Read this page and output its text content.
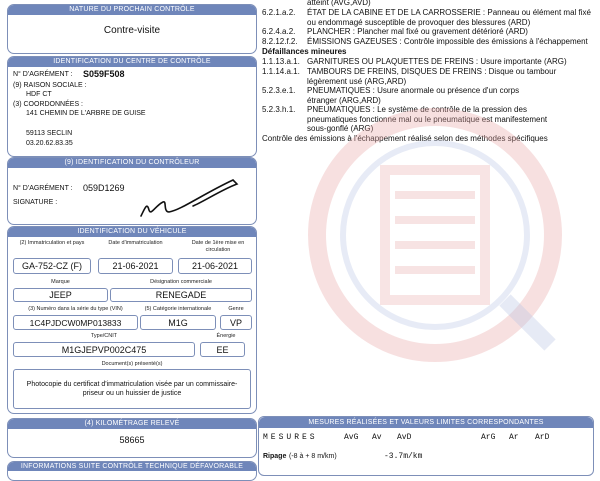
atteint (AVG,AVD)
6.2.1.a.2.	ÉTAT DE LA CABINE ET DE LA CARROSSERIE : Panneau ou élément mal fixé ou endommagé susceptible de provoquer des blessures (ARD)
6.2.4.a.2.	PLANCHER : Plancher mal fixé ou gravement détérioré (ARD)
8.2.12.f.2.	ÉMISSIONS GAZEUSES : Contrôle impossible des émissions à l'échappement
Défaillances mineures
1.1.13.a.1. GARNITURES OU PLAQUETTES DE FREINS : Usure importante (ARG)
1.1.14.a.1. TAMBOURS DE FREINS, DISQUES DE FREINS : Disque ou tambour légèrement usé (ARG,ARD)
5.2.3.e.1.	PNEUMATIQUES : Usure anormale ou présence d'un corps étranger (ARG,ARD)
5.2.3.h.1.	PNEUMATIQUES : Le système de contrôle de la pression des pneumatiques fonctionne mal ou le pneumatique est manifestement sous-gonflé (ARG)
Contrôle des émissions à l'échappement réalisé selon des méthodes spécifiques
NATURE DU PROCHAIN CONTRÔLE
Contre-visite
IDENTIFICATION DU CENTRE DE CONTRÔLE
N° D'AGRÉMENT : S059F508
(9) RAISON SOCIALE :
HDF CT
(3) COORDONNÉES :
141 CHEMIN DE L'ARBRE DE GUISE
59113 SECLIN
03.20.62.83.35
(9) IDENTIFICATION DU CONTRÔLEUR
N° D'AGRÉMENT : 059D1269
SIGNATURE :
IDENTIFICATION DU VÉHICULE
(2) Immatriculation et pays	Date d'immatriculation	Date de 1ère mise en circulation
GA-752-CZ (F)	21-06-2021	21-06-2021
Marque	Désignation commerciale
JEEP	RENEGADE
(3) Numéro dans la série du type (VIN)	(5) Catégorie internationale	Genre
1C4PJDCW0MP013833	M1G	VP
Type/CNIT	Énergie
M1GJEPVP002C475	EE
Document(s) présenté(s)
Photocopie du certificat d'immatriculation visée par un commissaire-priseur ou un huissier de justice
(4) KILOMÉTRAGE RELEVÉ
58665
INFORMATIONS SUITE CONTRÔLE TECHNIQUE DÉFAVORABLE
MESURES RÉALISÉES ET VALEURS LIMITES CORRESPONDANTES
MESURES	AvG Av AvD	ArG Ar ArD
Ripage (-8 à + 8 m/km)	-3.7m/km
